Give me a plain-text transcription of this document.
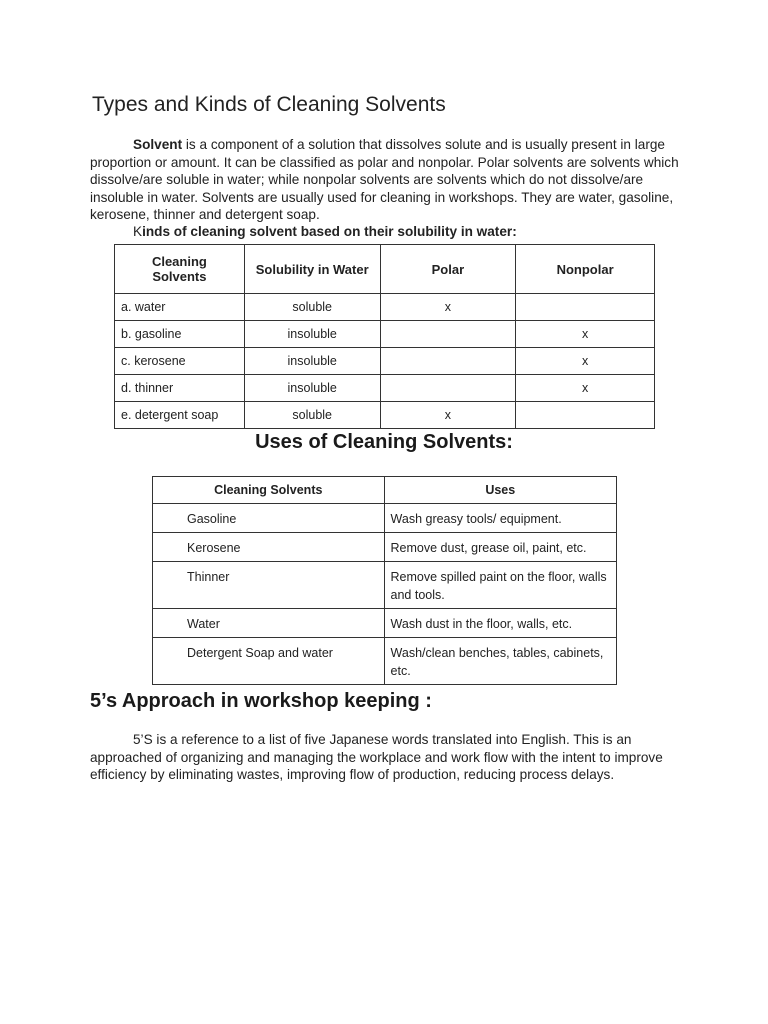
Types and Kinds of Cleaning Solvents
Solvent is a component of a solution that dissolves solute and is usually present in large proportion or amount. It can be classified as polar and nonpolar. Polar solvents are solvents which dissolve/are soluble in water; while nonpolar solvents are solvents which do not dissolve/are insoluble in water. Solvents are usually used for cleaning in workshops. They are water, gasoline, kerosene, thinner and detergent soap.
Kinds of cleaning solvent based on their solubility in water:
Cleaning Solvents	Solubility in Water	Polar	Nonpolar
a. water	soluble	x	
b. gasoline	insoluble		x
c. kerosene	insoluble		x
d. thinner	insoluble		x
e. detergent soap	soluble	x	
Uses of Cleaning Solvents:
Cleaning Solvents	Uses
Gasoline	Wash greasy tools/ equipment.
Kerosene	Remove dust, grease oil, paint, etc.
Thinner	Remove spilled paint on the floor, walls and tools.
Water	Wash dust in the floor, walls, etc.
Detergent Soap and water	Wash/clean benches, tables, cabinets, etc.
5’s Approach in workshop keeping :
5’S is a reference to a list of five Japanese words translated into English. This is an approached of organizing and managing the workplace and work flow with the intent to improve efficiency by eliminating wastes, improving flow of production, reducing process delays.
